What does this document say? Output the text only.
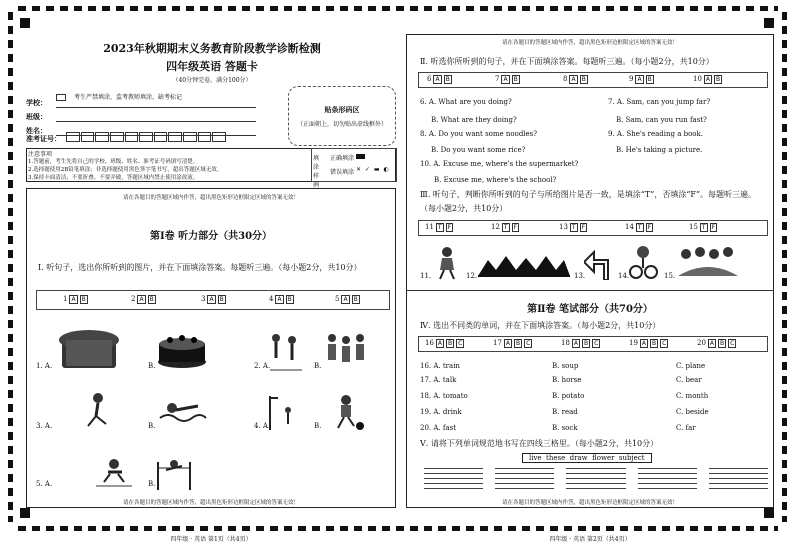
2023年秋期期末义务教育阶段教学诊断检测
四年级英语 答题卡
（40分钟完卷，满分100分）
考生严禁填涂，监考教师填涂，缺考标记
学校：
班级：
姓名：
准考证号：
贴条形码区
（正面朝上，切勿贴出虚线框外）
注意事项
1.答题前，考生先将自己的学校、班级、姓名、准考证号码填写清楚。
2.选择题使用2B铅笔填涂；非选择题使用黑色签字笔书写，超出答题区域无效。
3.保持卡面清洁，不要折叠、不要弄破，答题区域内禁止使用涂改液。
填涂样例
正确填涂
错误填涂 ✕ ✓ ▬ ◐
请在各题目的答题区域内作答，超出黑色矩形边框限定区域的答案无效！
第Ⅰ卷 听力部分（共30分）
Ⅰ. 听句子，选出你所听到的图片，并在下面填涂答案。每题听三遍。（每小题2分，共10分）
1 A B	2 A B	3 A B	4 A B	5 A B
1. A.	B.	2. A.	B.
3. A.	B.	4. A.	B.
5. A.	B.
请在各题目的答题区域内作答，超出黑色矩形边框限定区域的答案无效！
四年级 · 英语 第1页（共4页）
请在各题目的答题区域内作答，超出黑色矩形边框限定区域的答案无效！
Ⅱ. 听选你所听到的句子，并在下面填涂答案。每题听三遍。（每小题2分，共10分）
6 A B	7 A B	8 A B	9 A B	10 A B
6. A. What are you doing?
B. What are they doing?
7. A. Sam, can you jump far?
B. Sam, can you run fast?
8. A. Do you want some noodles?
B. Do you want some rice?
9. A. She's reading a book.
B. He's taking a picture.
10. A. Excuse me, where's the supermarket?
B. Excuse me, where's the school?
Ⅲ. 听句子，判断你所听到的句子与所给图片是否一致，是填涂“T”，否填涂“F”。每题听三遍。（每小题2分，共10分）
11 T F	12 T F	13 T F	14 T F	15 T F
11.	12.	13.	14.	15.
第Ⅱ卷 笔试部分（共70分）
Ⅳ. 选出不同类的单词，并在下面填涂答案。（每小题2分，共10分）
16 A B C	17 A B C	18 A B C	19 A B C	20 A B C
16. A. train	B. soup	C. plane
17. A. talk	B. horse	C. bear
18. A. tomato	B. potato	C. month
19. A. drink	B. read	C. beside
20. A. fast	B. sock	C. far
Ⅴ. 请将下列单词规范地书写在四线三格里。（每小题2分，共10分）
live  these  draw  flower  subject
请在各题目的答题区域内作答，超出黑色矩形边框限定区域的答案无效！
四年级 · 英语 第2页（共4页）
